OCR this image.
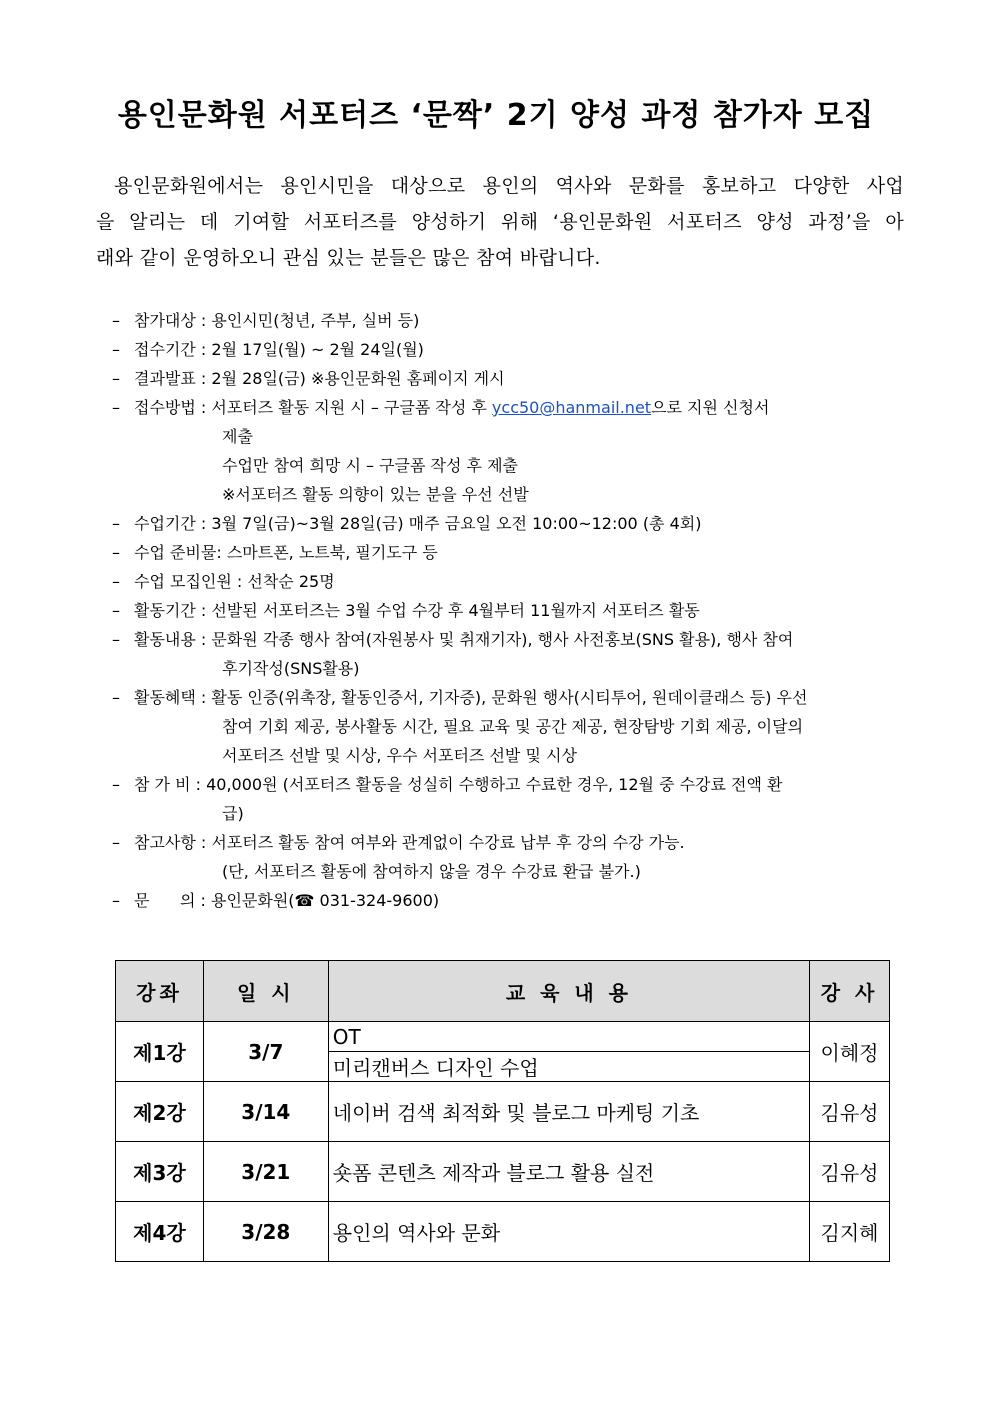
용인문화원 서포터즈 ‘문짝’ 2기 양성 과정 참가자 모집
용인문화원에서는 용인시민을 대상으로 용인의 역사와 문화를 홍보하고 다양한 사업
을 알리는 데 기여할 서포터즈를 양성하기 위해 ‘용인문화원 서포터즈 양성 과정’을 아
래와 같이 운영하오니 관심 있는 분들은 많은 참여 바랍니다.
– 참가대상 : 용인시민(청년, 주부, 실버 등)
– 접수기간 : 2월 17일(월) ~ 2월 24일(월)
– 결과발표 : 2월 28일(금) ※용인문화원 홈페이지 게시
– 접수방법 : 서포터즈 활동 지원 시 – 구글폼 작성 후 ycc50@hanmail.net으로 지원 신청서
제출
수업만 참여 희망 시 – 구글폼 작성 후 제출
※서포터즈 활동 의향이 있는 분을 우선 선발
– 수업기간 : 3월 7일(금)~3월 28일(금) 매주 금요일 오전 10:00~12:00 (총 4회)
– 수업 준비물: 스마트폰, 노트북, 필기도구 등
– 수업 모집인원 : 선착순 25명
– 활동기간 : 선발된 서포터즈는 3월 수업 수강 후 4월부터 11월까지 서포터즈 활동
– 활동내용 : 문화원 각종 행사 참여(자원봉사 및 취재기자), 행사 사전홍보(SNS 활용), 행사 참여
후기작성(SNS활용)
– 활동혜택 : 활동 인증(위촉장, 활동인증서, 기자증), 문화원 행사(시티투어, 원데이클래스 등) 우선
참여 기회 제공, 봉사활동 시간, 필요 교육 및 공간 제공, 현장탐방 기회 제공, 이달의
서포터즈 선발 및 시상, 우수 서포터즈 선발 및 시상
– 참 가 비 : 40,000원 (서포터즈 활동을 성실히 수행하고 수료한 경우, 12월 중 수강료 전액 환
급)
– 참고사항 : 서포터즈 활동 참여 여부와 관계없이 수강료 납부 후 강의 수강 가능.
(단, 서포터즈 활동에 참여하지 않을 경우 수강료 환급 불가.)
– 문      의 : 용인문화원(☎ 031-324-9600)
강좌	일 시	교 육 내 용	강 사
제1강	3/7	OT	이혜정
		미리캔버스 디자인 수업	
제2강	3/14	네이버 검색 최적화 및 블로그 마케팅 기초	김유성
제3강	3/21	숏폼 콘텐츠 제작과 블로그 활용 실전	김유성
제4강	3/28	용인의 역사와 문화	김지혜
